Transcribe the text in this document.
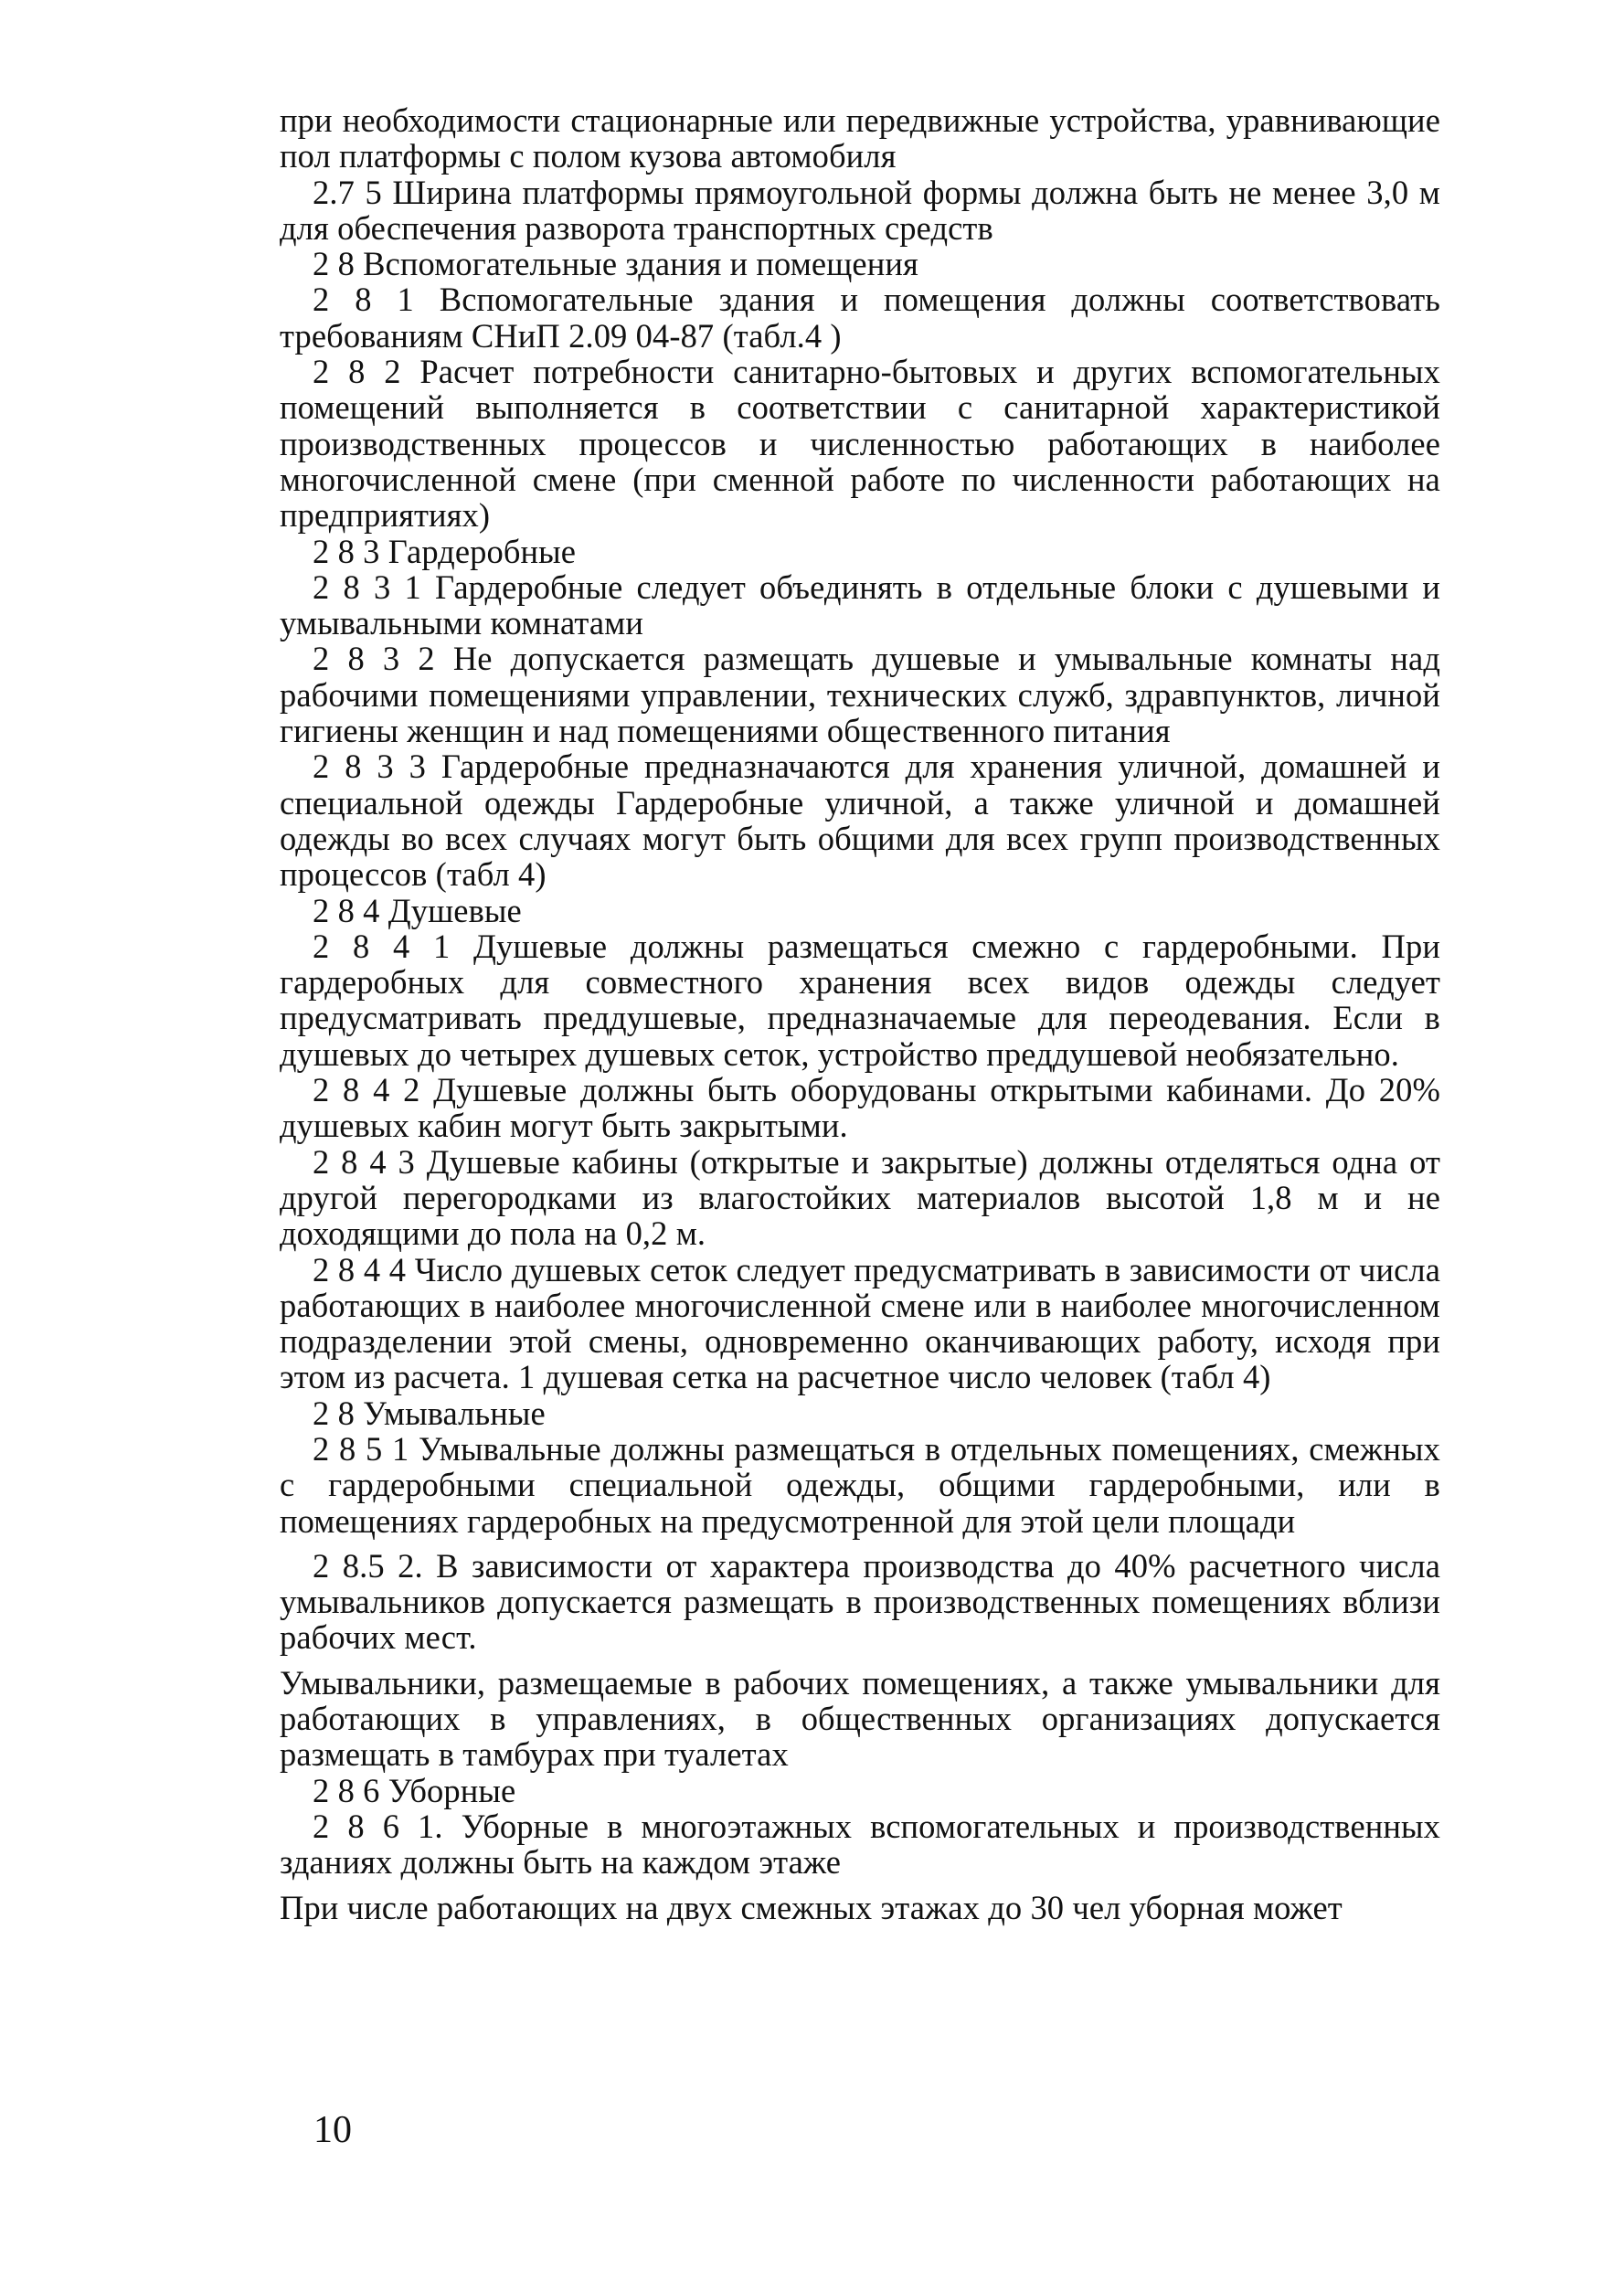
при необходимости стационарные или передвижные устройства, уравнивающие пол платформы с полом кузова автомобиля

2.7 5 Ширина платформы прямоугольной формы должна быть не менее 3,0 м для обеспечения разворота транспортных средств

2 8 Вспомогательные здания и помещения

2 8 1 Вспомогательные здания и помещения должны соответствовать требованиям СНиП 2.09 04-87 (табл.4 )

2 8 2 Расчет потребности санитарно-бытовых и других вспомогательных помещений выполняется в соответствии с санитарной характеристикой производственных процессов и численностью работающих в наиболее многочисленной смене (при сменной работе по численности работающих на предприятиях)

2 8 3 Гардеробные

2 8 3 1 Гардеробные следует объединять в отдельные блоки с душевыми и умывальными комнатами

2 8 3 2 Не допускается размещать душевые и умывальные комнаты над рабочими помещениями управлении, технических служб, здравпунктов, личной гигиены женщин и над помещениями общественного питания

2 8 3 3 Гардеробные предназначаются для хранения уличной, домашней и специальной одежды Гардеробные уличной, а также уличной и домашней одежды во всех случаях могут быть общими для всех групп производственных процессов (табл 4)

2 8 4 Душевые

2 8 4 1 Душевые должны размещаться смежно с гардеробными. При гардеробных для совместного хранения всех видов одежды следует предусматривать преддушевые, предназначаемые для переодевания. Если в душевых до четырех душевых сеток, устройство преддушевой необязательно.

2 8 4 2 Душевые должны быть оборудованы открытыми кабинами. До 20% душевых кабин могут быть закрытыми.

2 8 4 3 Душевые кабины (открытые и закрытые) должны отделяться одна от другой перегородками из влагостойких материалов высотой 1,8 м и не доходящими до пола на 0,2 м.

2 8 4 4 Число душевых сеток следует предусматривать в зависимости от числа работающих в наиболее многочисленной смене или в наиболее многочисленном подразделении этой смены, одновременно оканчивающих работу, исходя при этом из расчета. 1 душевая сетка на расчетное число человек (табл 4)

2 8 Умывальные

2 8 5 1 Умывальные должны размещаться в отдельных помещениях, смежных с гардеробными специальной одежды, общими гардеробными, или в помещениях гардеробных на предусмотренной для этой цели площади

2 8.5 2. В зависимости от характера производства до 40% расчетного числа умывальников допускается размещать в производственных помещениях вблизи рабочих мест.

Умывальники, размещаемые в рабочих помещениях, а также умывальники для работающих в управлениях, в общественных организациях допускается размещать в тамбурах при туалетах

2 8 6 Уборные

2 8 6 1. Уборные в многоэтажных вспомогательных и производственных зданиях должны быть на каждом этаже

При числе работающих на двух смежных этажах до 30 чел уборная может

10
